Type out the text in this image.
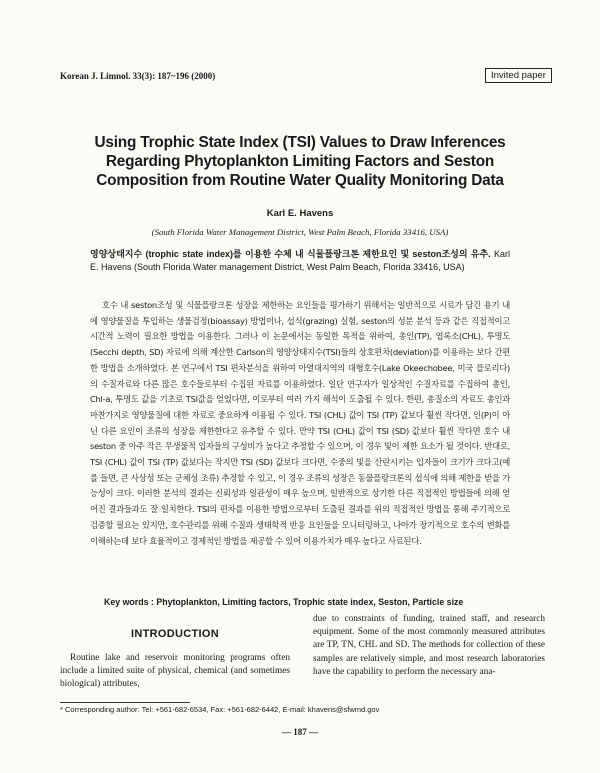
Korean J. Limnol. 33(3): 187~196 (2000)	Invited paper
Using Trophic State Index (TSI) Values to Draw Inferences
Regarding Phytoplankton Limiting Factors and Seston
Composition from Routine Water Quality Monitoring Data
Karl E. Havens
(South Florida Water Management District, West Palm Beach, Florida 33416, USA)
영양상태지수 (trophic state index)를 이용한 수체 내 식물플랑크톤 제한요인 및 seston조성의 유추. Karl E. Havens (South Florida Water management District, West Palm Beach, Florida 33416, USA)

호수 내 seston조성 및 식물플랑크톤 성장을 제한하는 요인들을 평가하기 위해서는 일반적으로 시료가 담긴 용기 내에 영양물질을 투입하는 생물검정(bioassay) 방법이나, 섭식(grazing) 실험, seston의 성분 분석 등과 같은 직접적이고 시간적 노력이 필요한 방법을 이용한다. 그러나 이 논문에서는 동일한 목적을 위하여, 총인(TP), 엽록소(CHL), 투명도(Secchi depth, SD) 자료에 의해 계산한 Carlson의 영양상태지수(TSI)들의 상호편차(deviation)를 이용하는 보다 간편한 방법을 소개하였다. 본 연구에서 TSI 편차분석을 위하여 아열대지역의 대형호수(Lake Okeechobee, 미국 플로리다)의 수질자료와 다른 많은 호수들로부터 수집된 자료를 이용하였다. 일단 연구자가 일상적인 수질자료를 수집하여 총인, Chl-a, 투명도 값을 기초로 TSI값을 얻었다면, 이로부터 여러 가지 해석이 도출될 수 있다. 한편, 총질소의 자료도 총인과 마찬가지로 영양물질에 대한 자료로 중요하게 이용될 수 있다. TSI (CHL) 값이 TSI (TP) 값보다 훨씬 작다면, 인(P)이 아닌 다른 요인이 조류의 성장을 제한한다고 유추할 수 있다. 만약 TSI (CHL) 값이 TSI (SD) 값보다 훨씬 작다면 호수 내 seston 중 아주 작은 무생물적 입자들의 구성비가 높다고 추정할 수 있으며, 이 경우 빛이 제한 요소가 될 것이다. 반대로, TSI (CHL) 값이 TSI (TP) 값보다는 작지만 TSI (SD) 값보다 크다면, 수중의 빛을 산란시키는 입자들이 크기가 크다고(예를 들면, 큰 사상성 또는 군체성 조류) 추정할 수 있고, 이 경우 조류의 성장은 동물플랑크톤의 섭식에 의해 제한을 받을 가능성이 크다. 이러한 분석의 결과는 신뢰성과 일관성이 매우 높으며, 일반적으로 상기한 다른 직접적인 방법들에 의해 얻어진 결과들과도 잘 일치한다. TSI의 편차를 이용한 방법으로부터 도출된 결과를 위의 직접적인 방법을 통해 주기적으로 검증할 필요는 있지만, 호수관리를 위해 수질과 생태학적 반응 요인들을 모니터링하고, 나아가 장기적으로 호수의 변화를 이해하는데 보다 효율적이고 경제적인 방법을 제공할 수 있어 이용가치가 매우 높다고 사료된다.

Key words : Phytoplankton, Limiting factors, Trophic state index, Seston, Particle size
INTRODUCTION

Routine lake and reservoir monitoring programs often include a limited suite of physical, chemical (and sometimes biological) attributes,

due to constraints of funding, trained staff, and research equipment. Some of the most commonly measured attributes are TP, TN, CHL and SD. The methods for collection of these samples are relatively simple, and most research laboratories have the capability to perform the necessary ana-
* Corresponding author: Tel: +561-682-6534, Fax: +561-682-6442, E-mail: khavens@sfwmd.gov
— 187 —
